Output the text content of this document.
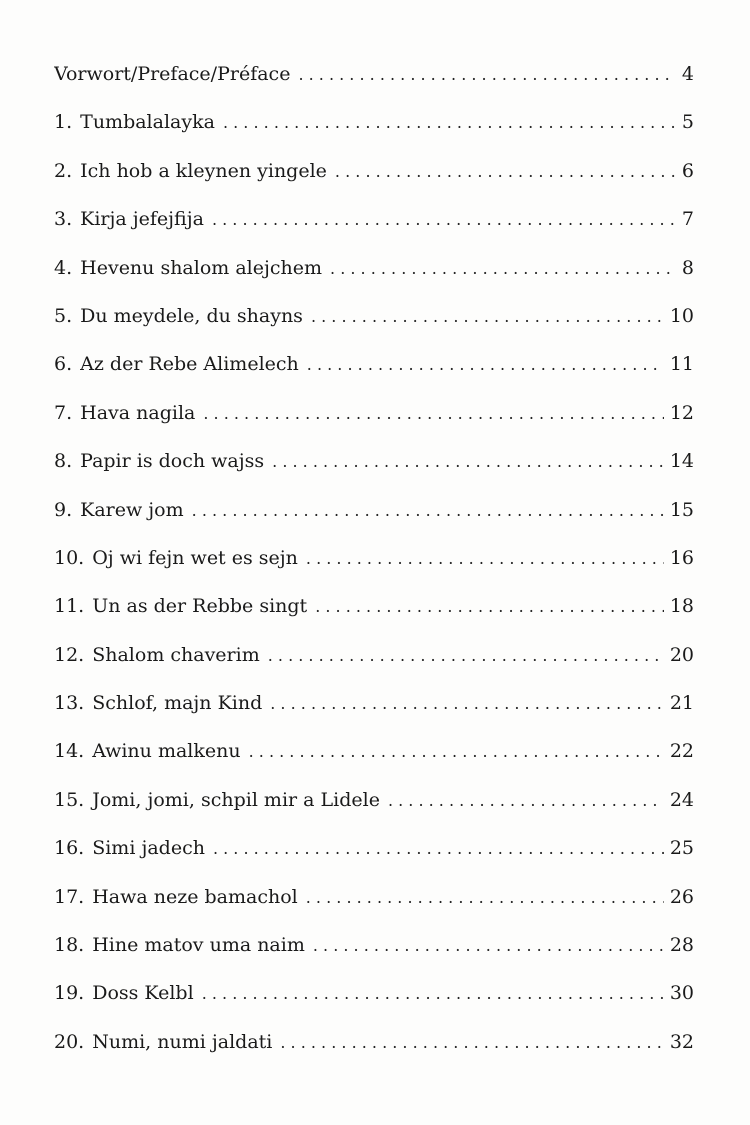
Vorwort/Preface/Préface . . .	4
1. Tumbalalayka . . .	5
2. Ich hob a kleynen yingele . . .	6
3. Kirja jefejfija . . .	7
4. Hevenu shalom alejchem . . .	8
5. Du meydele, du shayns . . .	10
6. Az der Rebe Alimelech . . .	11
7. Hava nagila . . .	12
8. Papir is doch wajss . . .	14
9. Karew jom . . .	15
10. Oj wi fejn wet es sejn . . .	16
11. Un as der Rebbe singt . . .	18
12. Shalom chaverim . . .	20
13. Schlof, majn Kind . . .	21
14. Awinu malkenu . . .	22
15. Jomi, jomi, schpil mir a Lidele . . .	24
16. Simi jadech . . .	25
17. Hawa neze bamachol . . .	26
18. Hine matov uma naim . . .	28
19. Doss Kelbl . . .	30
20. Numi, numi jaldati . . .	32
